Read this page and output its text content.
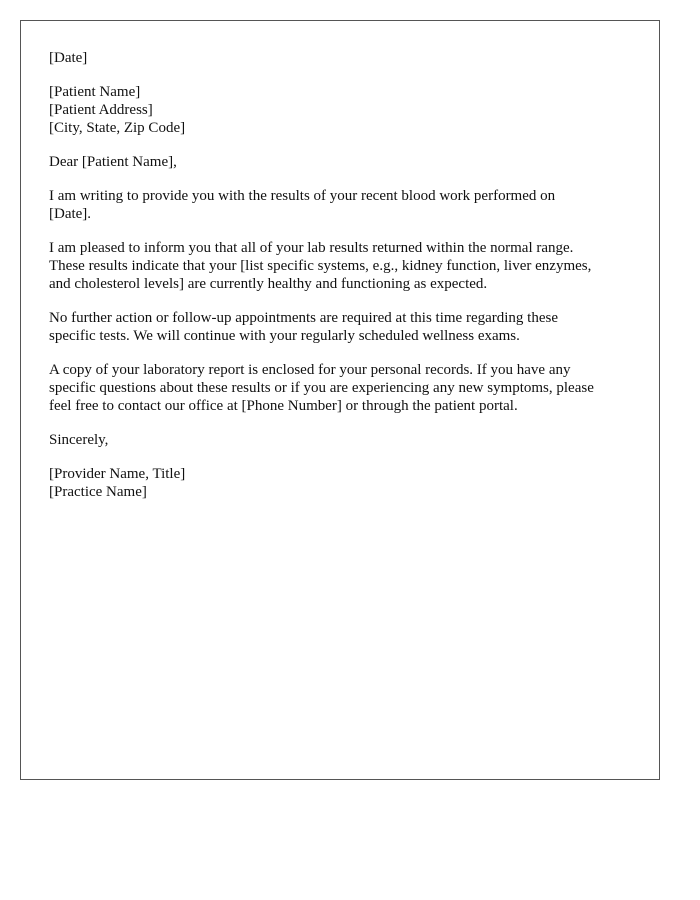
[Date]
[Patient Name]
[Patient Address]
[City, State, Zip Code]
Dear [Patient Name],
I am writing to provide you with the results of your recent blood work performed on
[Date].
I am pleased to inform you that all of your lab results returned within the normal range.
These results indicate that your [list specific systems, e.g., kidney function, liver enzymes,
and cholesterol levels] are currently healthy and functioning as expected.
No further action or follow-up appointments are required at this time regarding these
specific tests. We will continue with your regularly scheduled wellness exams.
A copy of your laboratory report is enclosed for your personal records. If you have any
specific questions about these results or if you are experiencing any new symptoms, please
feel free to contact our office at [Phone Number] or through the patient portal.
Sincerely,
[Provider Name, Title]
[Practice Name]
